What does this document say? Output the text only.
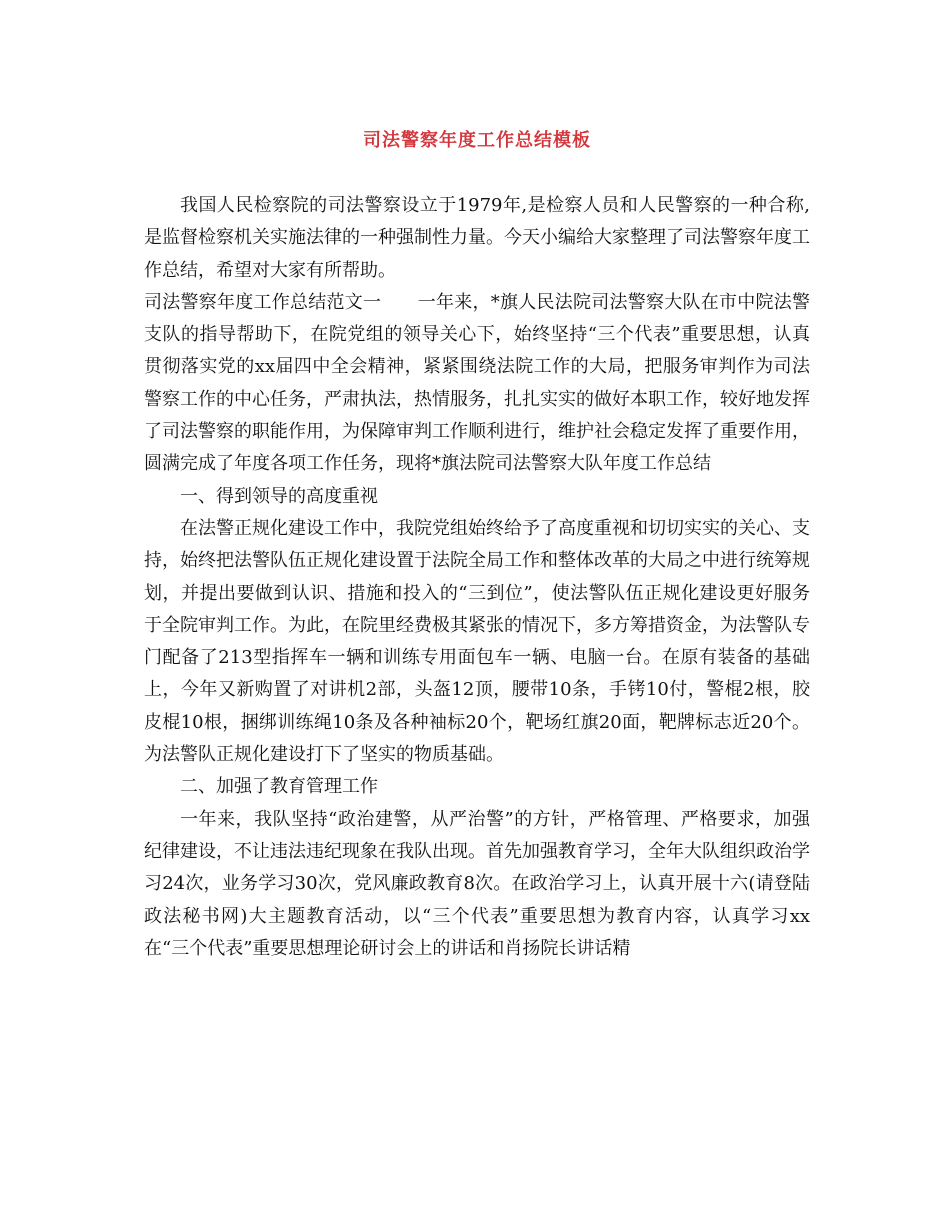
司法警察年度工作总结模板

我国人民检察院的司法警察设立于1979年,是检察人员和人民警察的一种合称,是监督检察机关实施法律的一种强制性力量。今天小编给大家整理了司法警察年度工作总结，希望对大家有所帮助。

司法警察年度工作总结范文一　　一年来，*旗人民法院司法警察大队在市中院法警支队的指导帮助下，在院党组的领导关心下，始终坚持“三个代表”重要思想，认真贯彻落实党的xx届四中全会精神，紧紧围绕法院工作的大局，把服务审判作为司法警察工作的中心任务，严肃执法，热情服务，扎扎实实的做好本职工作，较好地发挥了司法警察的职能作用，为保障审判工作顺利进行，维护社会稳定发挥了重要作用，圆满完成了年度各项工作任务，现将*旗法院司法警察大队年度工作总结

一、得到领导的高度重视

在法警正规化建设工作中，我院党组始终给予了高度重视和切切实实的关心、支持，始终把法警队伍正规化建设置于法院全局工作和整体改革的大局之中进行统筹规划，并提出要做到认识、措施和投入的“三到位”，使法警队伍正规化建设更好服务于全院审判工作。为此，在院里经费极其紧张的情况下，多方筹措资金，为法警队专门配备了213型指挥车一辆和训练专用面包车一辆、电脑一台。在原有装备的基础上，今年又新购置了对讲机2部，头盔12顶，腰带10条，手铐10付，警棍2根，胶皮棍10根，捆绑训练绳10条及各种袖标20个，靶场红旗20面，靶牌标志近20个。为法警队正规化建设打下了坚实的物质基础。

二、加强了教育管理工作

一年来，我队坚持“政治建警，从严治警”的方针，严格管理、严格要求，加强纪律建设，不让违法违纪现象在我队出现。首先加强教育学习，全年大队组织政治学习24次，业务学习30次，党风廉政教育8次。在政治学习上，认真开展十六(请登陆政法秘书网)大主题教育活动，以“三个代表”重要思想为教育内容，认真学习xx在“三个代表”重要思想理论研讨会上的讲话和肖扬院长讲话精
